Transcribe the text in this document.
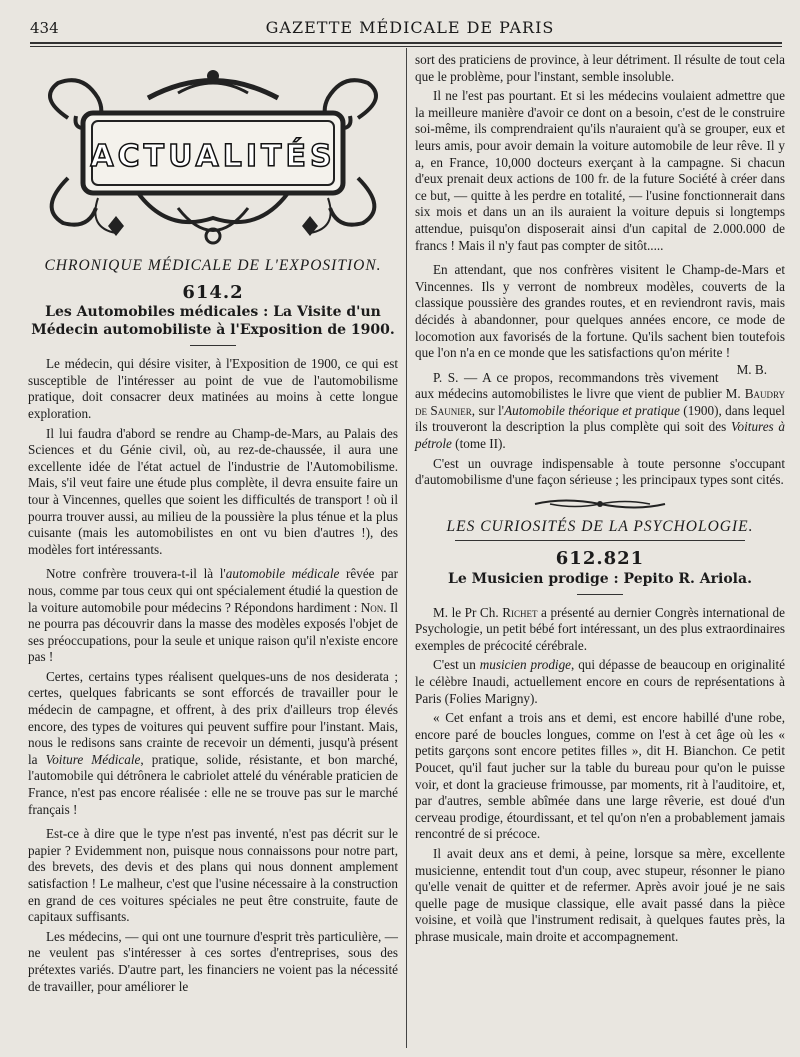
434	GAZETTE MÉDICALE DE PARIS
ACTUALITÉS
CHRONIQUE MÉDICALE DE L'EXPOSITION.
614.2
Les Automobiles médicales : La Visite d'un
Médecin automobiliste à l'Exposition de 1900.

Le médecin, qui désire visiter, à l'Exposition de 1900, ce qui est susceptible de l'intéresser au point de vue de l'automobilisme pratique, doit consacrer deux matinées au moins à cette longue exploration.

Il lui faudra d'abord se rendre au Champ-de-Mars, au Palais des Sciences et du Génie civil, où, au rez-de-chaussée, il aura une excellente idée de l'état actuel de l'industrie de l'Automobilisme. Mais, s'il veut faire une étude plus complète, il devra ensuite faire un tour à Vincennes, quelles que soient les difficultés de transport ! où il pourra trouver aussi, au milieu de la poussière la plus ténue et la plus cuisante (mais les automobilistes en ont vu bien d'autres !), des modèles fort intéressants.

Notre confrère trouvera-t-il là l'automobile médicale rêvée par nous, comme par tous ceux qui ont spécialement étudié la question de la voiture automobile pour médecins ? Répondons hardiment : Non. Il ne pourra pas découvrir dans la masse des modèles exposés l'objet de ses préoccupations, pour la seule et unique raison qu'il n'existe encore pas !

Certes, certains types réalisent quelques-uns de nos desiderata ; certes, quelques fabricants se sont efforcés de travailler pour le médecin de campagne, et offrent, à des prix d'ailleurs trop élevés encore, des types de voitures qui peuvent suffire pour l'instant. Mais, nous le redisons sans crainte de recevoir un démenti, jusqu'à présent la Voiture Médicale, pratique, solide, résistante, et bon marché, l'automobile qui détrônera le cabriolet attelé du vénérable praticien de France, n'est pas encore réalisée : elle ne se trouve pas sur le marché français !

Est-ce à dire que le type n'est pas inventé, n'est pas décrit sur le papier ? Evidemment non, puisque nous connaissons pour notre part, des brevets, des devis et des plans qui nous donnent amplement satisfaction ! Le malheur, c'est que l'usine nécessaire à la construction en grand de ces voitures spéciales ne peut être construite, faute de capitaux suffisants.

Les médecins, — qui ont une tournure d'esprit très particulière, — ne veulent pas s'intéresser à ces sortes d'entreprises, sous des prétextes variés. D'autre part, les financiers ne voient pas la nécessité de travailler, pour améliorer le

sort des praticiens de province, à leur détriment. Il résulte de tout cela que le problème, pour l'instant, semble insoluble.

Il ne l'est pas pourtant. Et si les médecins voulaient admettre que la meilleure manière d'avoir ce dont on a besoin, c'est de le construire soi-même, ils comprendraient qu'ils n'auraient qu'à se grouper, eux et leurs amis, pour avoir demain la voiture automobile de leur rêve. Il y a, en France, 10,000 docteurs exerçant à la campagne. Si chacun d'eux prenait deux actions de 100 fr. de la future Société à créer dans ce but, — quitte à les perdre en totalité, — l'usine fonctionnerait dans six mois et dans un an ils auraient la voiture depuis si longtemps attendue, puisqu'on disposerait ainsi d'un capital de 2.000.000 de francs ! Mais il n'y faut pas compter de sitôt.....

En attendant, que nos confrères visitent le Champ-de-Mars et Vincennes. Ils y verront de nombreux modèles, couverts de la classique poussière des grandes routes, et en reviendront ravis, mais décidés à abandonner, pour quelques années encore, ce mode de locomotion aux favorisés de la fortune. Qu'ils sachent bien toutefois que l'on n'a en ce monde que les satisfactions qu'on mérite !
M. B.

P. S. — A ce propos, recommandons très vivement aux médecins automobilistes le livre que vient de publier M. Baudry de Saunier, sur l'Automobile théorique et pratique (1900), dans lequel ils trouveront la description la plus complète qui soit des Voitures à pétrole (tome II).

C'est un ouvrage indispensable à toute personne s'occupant d'automobilisme d'une façon sérieuse ; les principaux types sont cités.

LES CURIOSITÉS DE LA PSYCHOLOGIE.
612.821
Le Musicien prodige : Pepito R. Ariola.

M. le Pr Ch. Richet a présenté au dernier Congrès international de Psychologie, un petit bébé fort intéressant, un des plus extraordinaires exemples de précocité cérébrale.

C'est un musicien prodige, qui dépasse de beaucoup en originalité le célèbre Inaudi, actuellement encore en cours de représentations à Paris (Folies Marigny).

« Cet enfant a trois ans et demi, est encore habillé d'une robe, encore paré de boucles longues, comme on l'est à cet âge où les « petits garçons sont encore petites filles », dit H. Bianchon. Ce petit Poucet, qu'il faut jucher sur la table du bureau pour qu'on le puisse voir, et dont la gracieuse frimousse, par moments, rit à l'auditoire, et, par d'autres, semble abîmée dans une large rêverie, est doué d'un cerveau prodige, étourdissant, et tel qu'on n'en a probablement jamais rencontré de si précoce.

Il avait deux ans et demi, à peine, lorsque sa mère, excellente musicienne, entendit tout d'un coup, avec stupeur, résonner le piano qu'elle venait de quitter et de refermer. Après avoir joué je ne sais quelle page de musique classique, elle avait passé dans la pièce voisine, et voilà que l'instrument redisait, à quelques fautes près, la phrase musicale, main droite et accompagnement.
